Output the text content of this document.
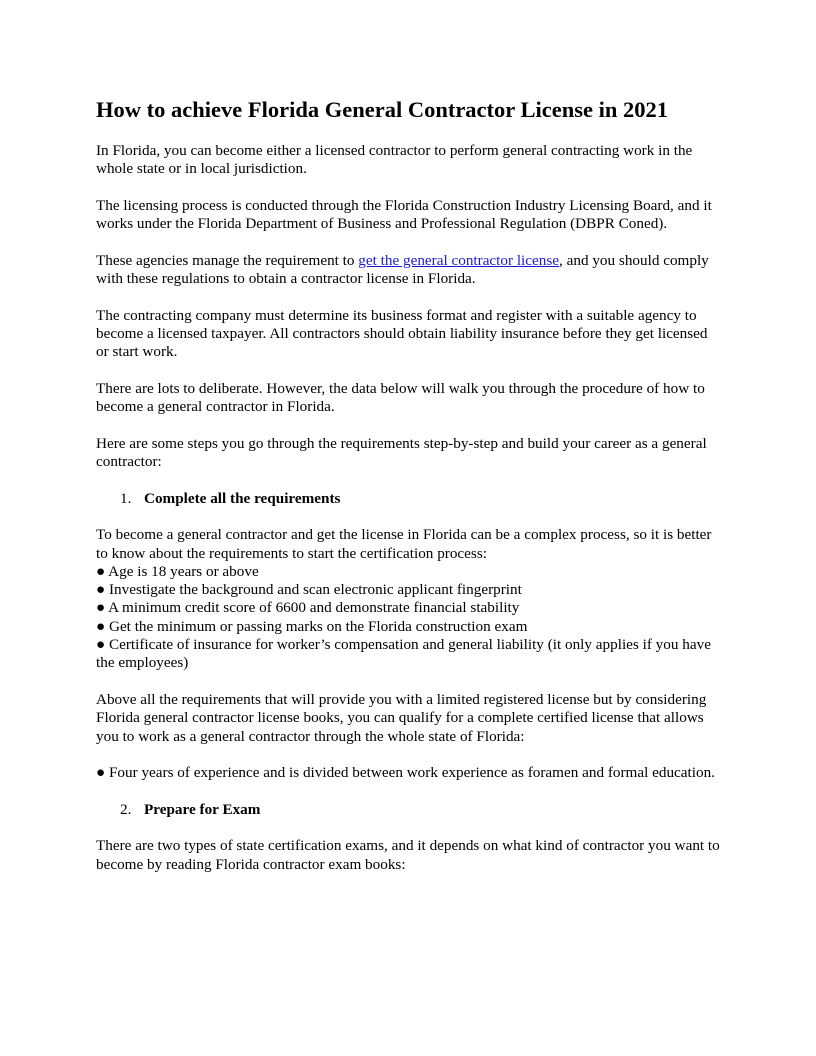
How to achieve Florida General Contractor License in 2021

In Florida, you can become either a licensed contractor to perform general contracting work in the whole state or in local jurisdiction.

The licensing process is conducted through the Florida Construction Industry Licensing Board, and it works under the Florida Department of Business and Professional Regulation (DBPR Coned).

These agencies manage the requirement to get the general contractor license, and you should comply with these regulations to obtain a contractor license in Florida.

The contracting company must determine its business format and register with a suitable agency to become a licensed taxpayer. All contractors should obtain liability insurance before they get licensed or start work.

There are lots to deliberate. However, the data below will walk you through the procedure of how to become a general contractor in Florida.

Here are some steps you go through the requirements step-by-step and build your career as a general contractor:

1. Complete all the requirements
To become a general contractor and get the license in Florida can be a complex process, so it is better to know about the requirements to start the certification process:
● Age is 18 years or above
● Investigate the background and scan electronic applicant fingerprint
● A minimum credit score of 6600 and demonstrate financial stability
● Get the minimum or passing marks on the Florida construction exam
● Certificate of insurance for worker’s compensation and general liability (it only applies if you have the employees)

Above all the requirements that will provide you with a limited registered license but by considering Florida general contractor license books, you can qualify for a complete certified license that allows you to work as a general contractor through the whole state of Florida:

● Four years of experience and is divided between work experience as foramen and formal education.

2. Prepare for Exam

There are two types of state certification exams, and it depends on what kind of contractor you want to become by reading Florida contractor exam books:
